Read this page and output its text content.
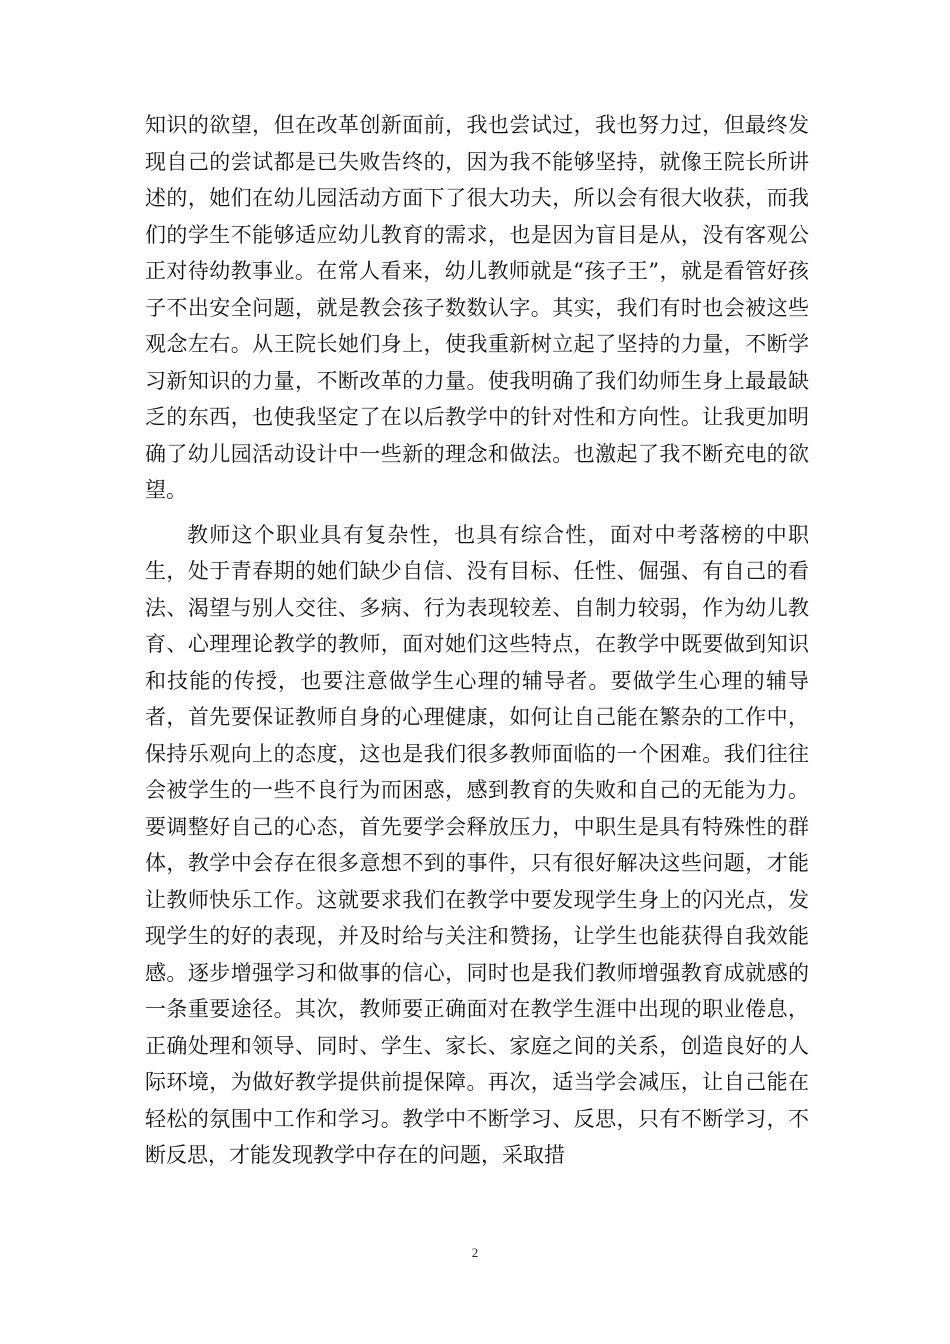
知识的欲望，但在改革创新面前，我也尝试过，我也努力过，但最终发现自己的尝试都是已失败告终的，因为我不能够坚持，就像王院长所讲述的，她们在幼儿园活动方面下了很大功夫，所以会有很大收获，而我们的学生不能够适应幼儿教育的需求，也是因为盲目是从，没有客观公正对待幼教事业。在常人看来，幼儿教师就是“孩子王”，就是看管好孩子不出安全问题，就是教会孩子数数认字。其实，我们有时也会被这些观念左右。从王院长她们身上，使我重新树立起了坚持的力量，不断学习新知识的力量，不断改革的力量。使我明确了我们幼师生身上最最缺乏的东西，也使我坚定了在以后教学中的针对性和方向性。让我更加明确了幼儿园活动设计中一些新的理念和做法。也激起了我不断充电的欲望。

教师这个职业具有复杂性，也具有综合性，面对中考落榜的中职生，处于青春期的她们缺少自信、没有目标、任性、倔强、有自己的看法、渴望与别人交往、多病、行为表现较差、自制力较弱，作为幼儿教育、心理理论教学的教师，面对她们这些特点，在教学中既要做到知识和技能的传授，也要注意做学生心理的辅导者。要做学生心理的辅导者，首先要保证教师自身的心理健康，如何让自己能在繁杂的工作中，保持乐观向上的态度，这也是我们很多教师面临的一个困难。我们往往会被学生的一些不良行为而困惑，感到教育的失败和自己的无能为力。要调整好自己的心态，首先要学会释放压力，中职生是具有特殊性的群体，教学中会存在很多意想不到的事件，只有很好解决这些问题，才能让教师快乐工作。这就要求我们在教学中要发现学生身上的闪光点，发现学生的好的表现，并及时给与关注和赞扬，让学生也能获得自我效能感。逐步增强学习和做事的信心，同时也是我们教师增强教育成就感的一条重要途径。其次，教师要正确面对在教学生涯中出现的职业倦息，正确处理和领导、同时、学生、家长、家庭之间的关系，创造良好的人际环境，为做好教学提供前提保障。再次，适当学会减压，让自己能在轻松的氛围中工作和学习。教学中不断学习、反思，只有不断学习，不断反思，才能发现教学中存在的问题，采取措

2
